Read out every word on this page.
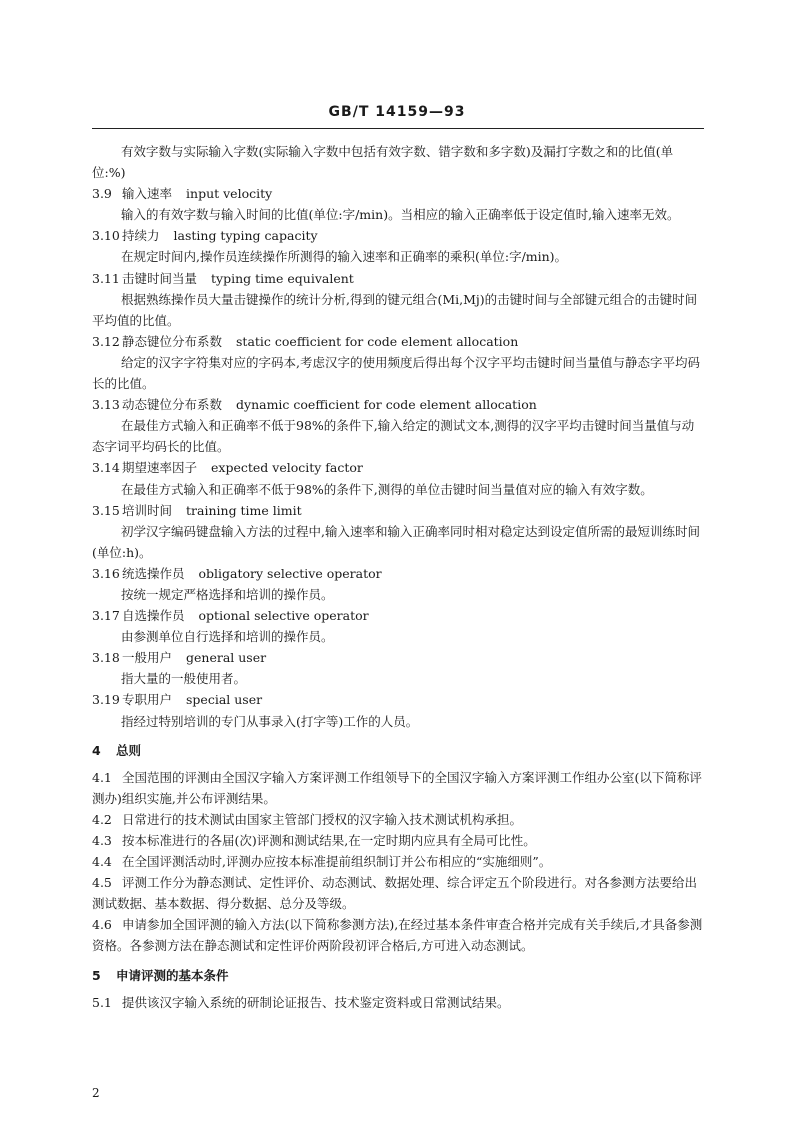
GB/T 14159—93

有效字数与实际输入字数(实际输入字数中包括有效字数、错字数和多字数)及漏打字数之和的比值(单位:%)

3.9 输入速率 input velocity

输入的有效字数与输入时间的比值(单位:字/min)。当相应的输入正确率低于设定值时,输入速率无效。

3.10 持续力 lasting typing capacity

在规定时间内,操作员连续操作所测得的输入速率和正确率的乘积(单位:字/min)。

3.11 击键时间当量 typing time equivalent

根据熟练操作员大量击键操作的统计分析,得到的键元组合(Mi,Mj)的击键时间与全部键元组合的击键时间平均值的比值。

3.12 静态键位分布系数 static coefficient for code element allocation

给定的汉字字符集对应的字码本,考虑汉字的使用频度后得出每个汉字平均击键时间当量值与静态字平均码长的比值。

3.13 动态键位分布系数 dynamic coefficient for code element allocation

在最佳方式输入和正确率不低于98%的条件下,输入给定的测试文本,测得的汉字平均击键时间当量值与动态字词平均码长的比值。

3.14 期望速率因子 expected velocity factor

在最佳方式输入和正确率不低于98%的条件下,测得的单位击键时间当量值对应的输入有效字数。

3.15 培训时间 training time limit

初学汉字编码键盘输入方法的过程中,输入速率和输入正确率同时相对稳定达到设定值所需的最短训练时间(单位:h)。

3.16 统选操作员 obligatory selective operator

按统一规定严格选择和培训的操作员。

3.17 自选操作员 optional selective operator

由参测单位自行选择和培训的操作员。

3.18 一般用户 general user

指大量的一般使用者。

3.19 专职用户 special user

指经过特别培训的专门从事录入(打字等)工作的人员。

4 总则

4.1 全国范围的评测由全国汉字输入方案评测工作组领导下的全国汉字输入方案评测工作组办公室(以下简称评测办)组织实施,并公布评测结果。

4.2 日常进行的技术测试由国家主管部门授权的汉字输入技术测试机构承担。

4.3 按本标准进行的各届(次)评测和测试结果,在一定时期内应具有全局可比性。

4.4 在全国评测活动时,评测办应按本标准提前组织制订并公布相应的“实施细则”。

4.5 评测工作分为静态测试、定性评价、动态测试、数据处理、综合评定五个阶段进行。对各参测方法要给出测试数据、基本数据、得分数据、总分及等级。

4.6 申请参加全国评测的输入方法(以下简称参测方法),在经过基本条件审查合格并完成有关手续后,才具备参测资格。各参测方法在静态测试和定性评价两阶段初评合格后,方可进入动态测试。

5 申请评测的基本条件

5.1 提供该汉字输入系统的研制论证报告、技术鉴定资料或日常测试结果。

2
